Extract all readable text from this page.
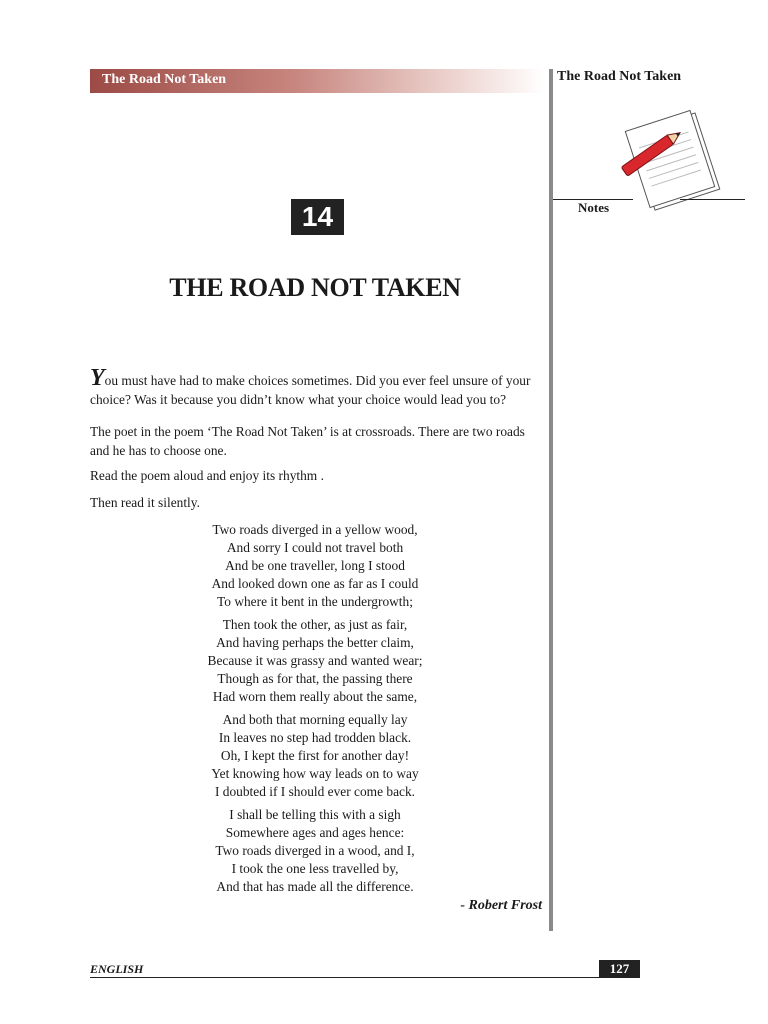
The Road Not Taken	The Road Not Taken
Notes
14
THE ROAD NOT TAKEN

You must have had to make choices sometimes. Did you ever feel unsure of your choice? Was it because you didn’t know what your choice would lead you to?

The poet in the poem ‘The Road Not Taken’ is at crossroads. There are two roads and he has to choose one.
Read the poem aloud and enjoy its rhythm .
Then read it silently.
Two roads diverged in a yellow wood,
And sorry I could not travel both
And be one traveller, long I stood
And looked down one as far as I could
To where it bent in the undergrowth;
Then took the other, as just as fair,
And having perhaps the better claim,
Because it was grassy and wanted wear;
Though as for that, the passing there
Had worn them really about the same,
And both that morning equally lay
In leaves no step had trodden black.
Oh, I kept the first for another day!
Yet knowing how way leads on to way
I doubted if I should ever come back.
I shall be telling this with a sigh
Somewhere ages and ages hence:
Two roads diverged in a wood, and I,
I took the one less travelled by,
And that has made all the difference.
- Robert Frost
ENGLISH	127
